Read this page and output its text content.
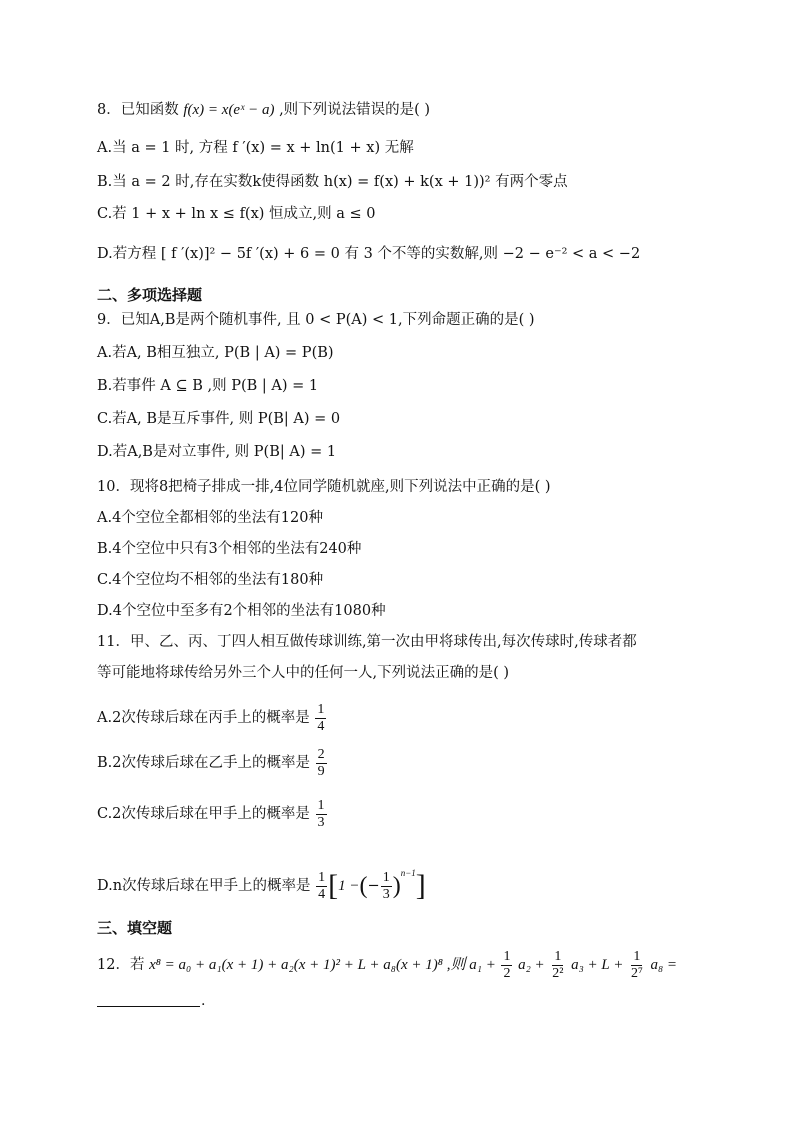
8．已知函数 f(x) = x(eˣ − a) ,则下列说法错误的是( )
A.当 a = 1 时, 方程 f ′(x) = x + ln(1 + x) 无解
B.当 a = 2 时,存在实数k使得函数 h(x) = f(x) + k(x + 1))² 有两个零点
C.若 1 + x + ln x ≤ f(x) 恒成立,则 a ≤ 0
D.若方程 [ f ′(x)]² − 5f ′(x) + 6 = 0 有 3 个不等的实数解,则 −2 − e⁻² < a < −2
二、多项选择题
9．已知A,B是两个随机事件, 且 0 < P(A) < 1,下列命题正确的是( )
A.若A, B相互独立, P(B | A) = P(B)
B.若事件 A ⊆ B ,则 P(B | A) = 1
C.若A, B是互斥事件, 则 P(B| A) = 0
D.若A,B是对立事件, 则 P(B| A) = 1
10．现将8把椅子排成一排,4位同学随机就座,则下列说法中正确的是( )
A.4个空位全都相邻的坐法有120种
B.4个空位中只有3个相邻的坐法有240种
C.4个空位均不相邻的坐法有180种
D.4个空位中至多有2个相邻的坐法有1080种
11．甲、乙、丙、丁四人相互做传球训练,第一次由甲将球传出,每次传球时,传球者都
等可能地将球传给另外三个人中的任何一人,下列说法正确的是( )
A.2次传球后球在丙手上的概率是 $\frac{1}{4}$
B.2次传球后球在乙手上的概率是 $\frac{2}{9}$
C.2次传球后球在甲手上的概率是 $\frac{1}{3}$
D.n次传球后球在甲手上的概率是 $\frac{1}{4} [1$ −(− $\frac{1}{3} )^{n-1}$]
三、填空题
12．若 x⁸ = a₀ + a₁(x + 1) + a₂(x + 1)² + L + a₈(x + 1)⁸ ,则 $a_1 + \frac{1}{2} a_2 + \frac{1}{\text{2²}} a_3 + L + \frac{1}{\text{2⁷}} a_8$ =
.
